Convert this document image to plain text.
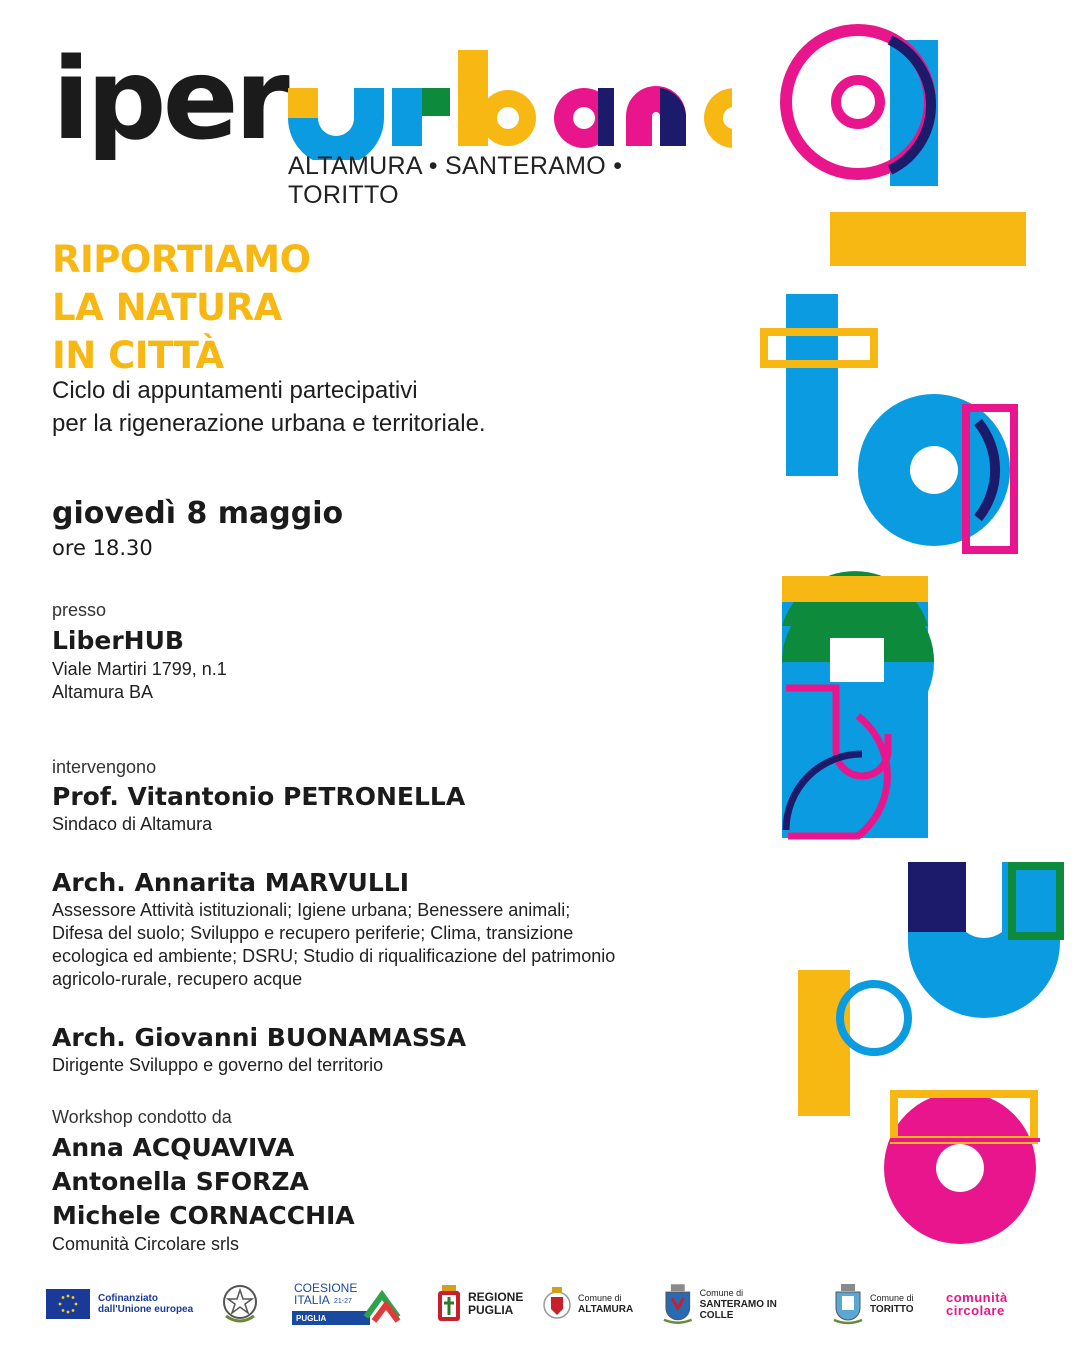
iper
ALTAMURA • SANTERAMO • TORITTO
RIPORTIAMO
LA NATURA
IN CITTÀ
Ciclo di appuntamenti partecipativi
per la rigenerazione urbana e territoriale.
giovedì 8 maggio
ore 18.30
presso
LiberHUB
Viale Martiri 1799, n.1
Altamura BA
intervengono
Prof. Vitantonio PETRONELLA
Sindaco di Altamura
Arch. Annarita MARVULLI
Assessore Attività istituzionali; Igiene urbana; Benessere animali;
Difesa del suolo; Sviluppo e recupero periferie; Clima, transizione
ecologica ed ambiente; DSRU; Studio di riqualificazione del patrimonio
agricolo-rurale, recupero acque
Arch. Giovanni BUONAMASSA
Dirigente Sviluppo e governo del territorio
Workshop condotto da
Anna ACQUAVIVA
Antonella SFORZA
Michele CORNACCHIA
Comunità Circolare srls
Cofinanziato
dall'Unione europea
COESIONE
ITALIA 21-27
PUGLIA
REGIONE
PUGLIA
Comune di
ALTAMURA
Comune di
SANTERAMO IN COLLE
Comune di
TORITTO
comunità
circolare
